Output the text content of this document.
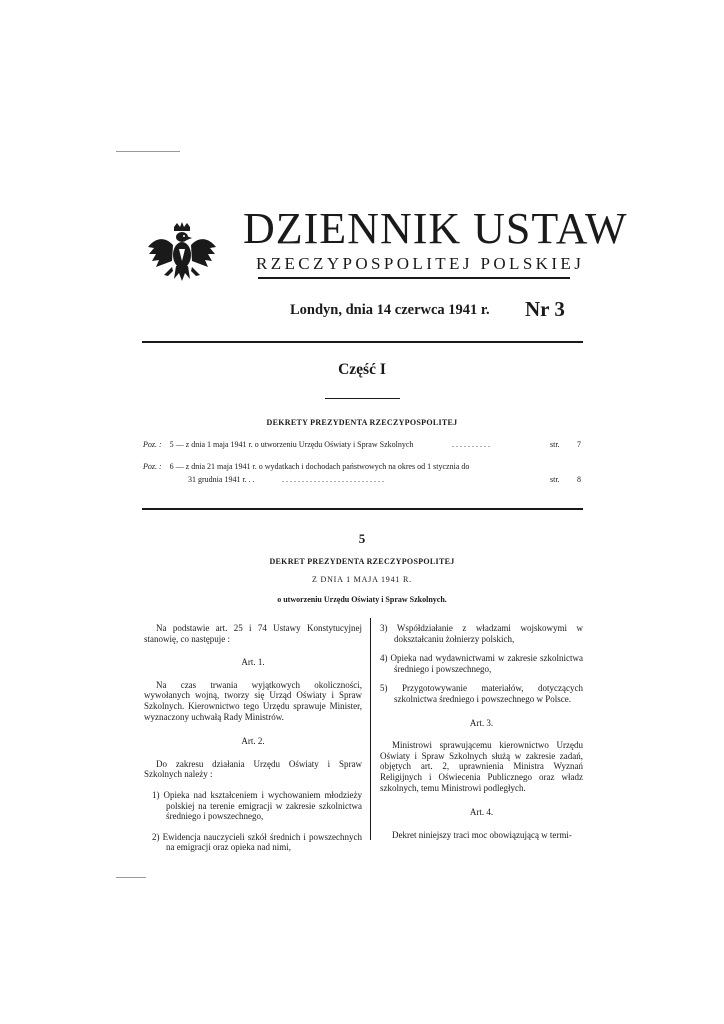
DZIENNIK USTAW
RZECZYPOSPOLITEJ POLSKIEJ
Londyn, dnia 14 czerwca 1941 r. Nr 3
Część I
DEKRETY PREZYDENTA RZECZYPOSPOLITEJ
Poz. : 5 — z dnia 1 maja 1941 r. o utworzeniu Urzędu Oświaty i Spraw Szkolnych	. . . . . . . . . .	str. 7
Poz. : 6 — z dnia 21 maja 1941 r. o wydatkach i dochodach państwowych na okres od 1 stycznia do
31 grudnia 1941 r. . .	. . . . . . . . . . . . . . . . . . . . . . . . . .	str. 8
5
DEKRET PREZYDENTA RZECZYPOSPOLITEJ
Z DNIA 1 MAJA 1941 R.
o utworzeniu Urzędu Oświaty i Spraw Szkolnych.

Na podstawie art. 25 i 74 Ustawy Konstytucyjnej stanowię, co następuje :

Art. 1.

Na czas trwania wyjątkowych okoliczności, wywołanych wojną, tworzy się Urząd Oświaty i Spraw Szkolnych. Kierownictwo tego Urzędu sprawuje Minister, wyznaczony uchwałą Rady Ministrów.

Art. 2.

Do zakresu działania Urzędu Oświaty i Spraw Szkolnych należy :

1) Opieka nad kształceniem i wychowaniem młodzieży polskiej na terenie emigracji w zakresie szkolnictwa średniego i powszechnego,

2) Ewidencja nauczycieli szkół średnich i powszechnych na emigracji oraz opieka nad nimi,

3) Współdziałanie z władzami wojskowymi w dokształcaniu żołnierzy polskich,

4) Opieka nad wydawnictwami w zakresie szkolnictwa średniego i powszechnego,

5) Przygotowywanie materiałów, dotyczących szkolnictwa średniego i powszechnego w Polsce.

Art. 3.

Ministrowi sprawującemu kierownictwo Urzędu Oświaty i Spraw Szkolnych służą w zakresie zadań, objętych art. 2, uprawnienia Ministra Wyznań Religijnych i Oświecenia Publicznego oraz władz szkolnych, temu Ministrowi podległych.

Art. 4.

Dekret niniejszy traci moc obowiązującą w termi-
